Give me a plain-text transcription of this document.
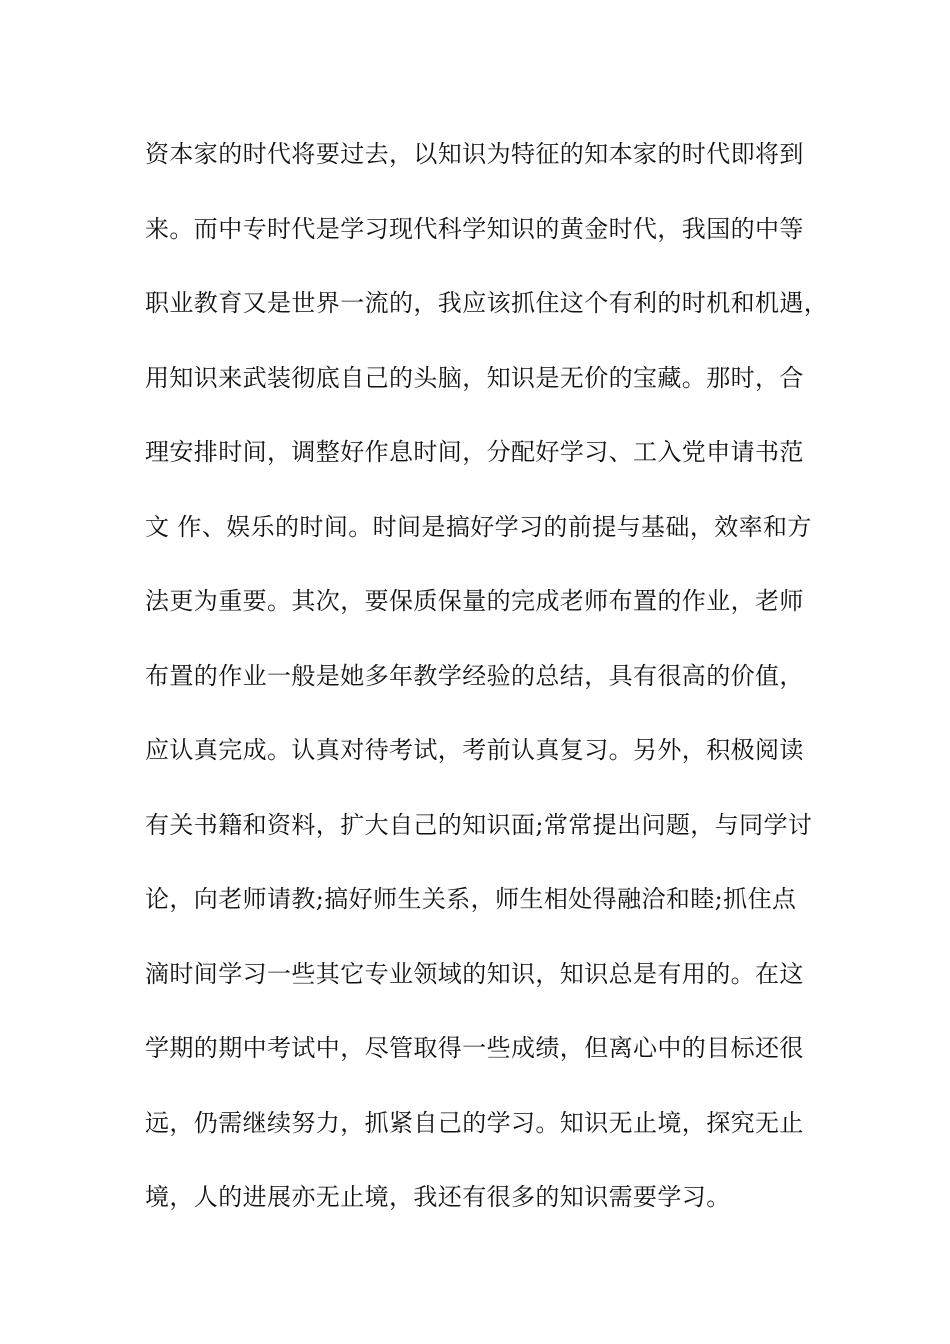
资本家的时代将要过去，以知识为特征的知本家的时代即将到
来。而中专时代是学习现代科学知识的黄金时代，我国的中等
职业教育又是世界一流的，我应该抓住这个有利的时机和机遇，
用知识来武装彻底自己的头脑，知识是无价的宝藏。那时，合
理安排时间，调整好作息时间，分配好学习、工入党申请书范
文 作、娱乐的时间。时间是搞好学习的前提与基础，效率和方
法更为重要。其次，要保质保量的完成老师布置的作业，老师
布置的作业一般是她多年教学经验的总结，具有很高的价值，
应认真完成。认真对待考试，考前认真复习。另外，积极阅读
有关书籍和资料，扩大自己的知识面;常常提出问题，与同学讨
论，向老师请教;搞好师生关系，师生相处得融洽和睦;抓住点
滴时间学习一些其它专业领域的知识，知识总是有用的。在这
学期的期中考试中，尽管取得一些成绩，但离心中的目标还很
远，仍需继续努力，抓紧自己的学习。知识无止境，探究无止
境，人的进展亦无止境，我还有很多的知识需要学习。
